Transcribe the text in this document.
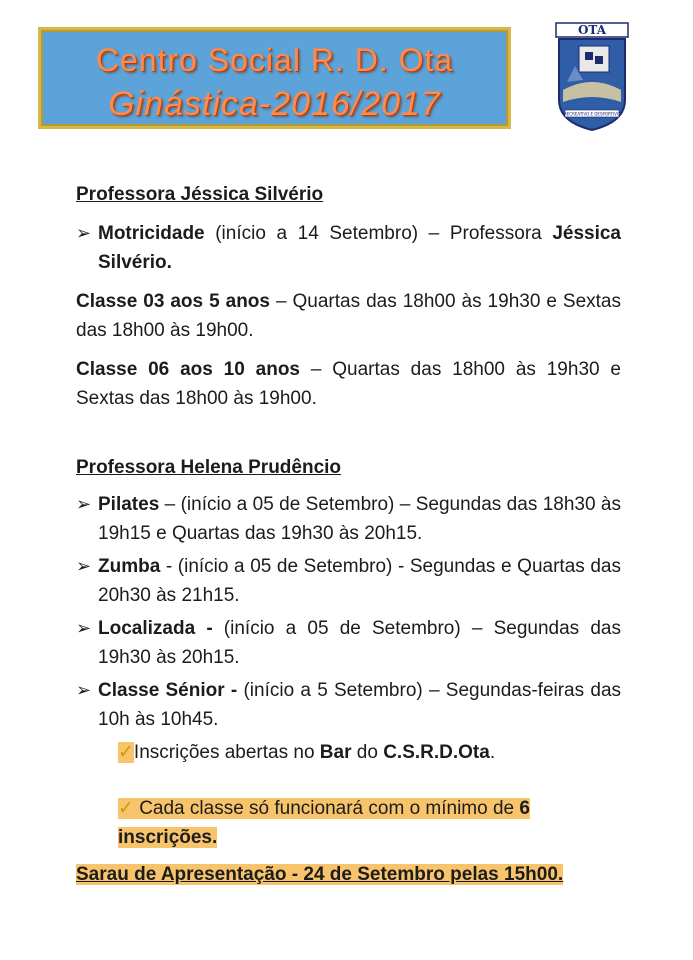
Centro Social R. D. Ota
Ginástica-2016/2017
OTA
RECREATIVO E DESPORTIVO
Professora Jéssica Silvério
➢ Motricidade (início a 14 Setembro) – Professora Jéssica Silvério.
Classe 03 aos 5 anos – Quartas das 18h00 às 19h30 e Sextas das 18h00 às 19h00.
Classe 06 aos 10 anos – Quartas das 18h00 às 19h30 e Sextas das 18h00 às 19h00.
Professora Helena Prudêncio
➢ Pilates – (início a 05 de Setembro) – Segundas das 18h30 às 19h15 e Quartas das 19h30 às 20h15.
➢ Zumba - (início a 05 de Setembro) - Segundas e Quartas das 20h30 às 21h15.
➢ Localizada - (início a 05 de Setembro) – Segundas das 19h30 às 20h15.
➢ Classe Sénior - (início a 5 Setembro) – Segundas-feiras das 10h às 10h45.
✓Inscrições abertas no Bar do C.S.R.D.Ota.
✓ Cada classe só funcionará com o mínimo de 6
inscrições.
Sarau de Apresentação - 24 de Setembro pelas 15h00.
